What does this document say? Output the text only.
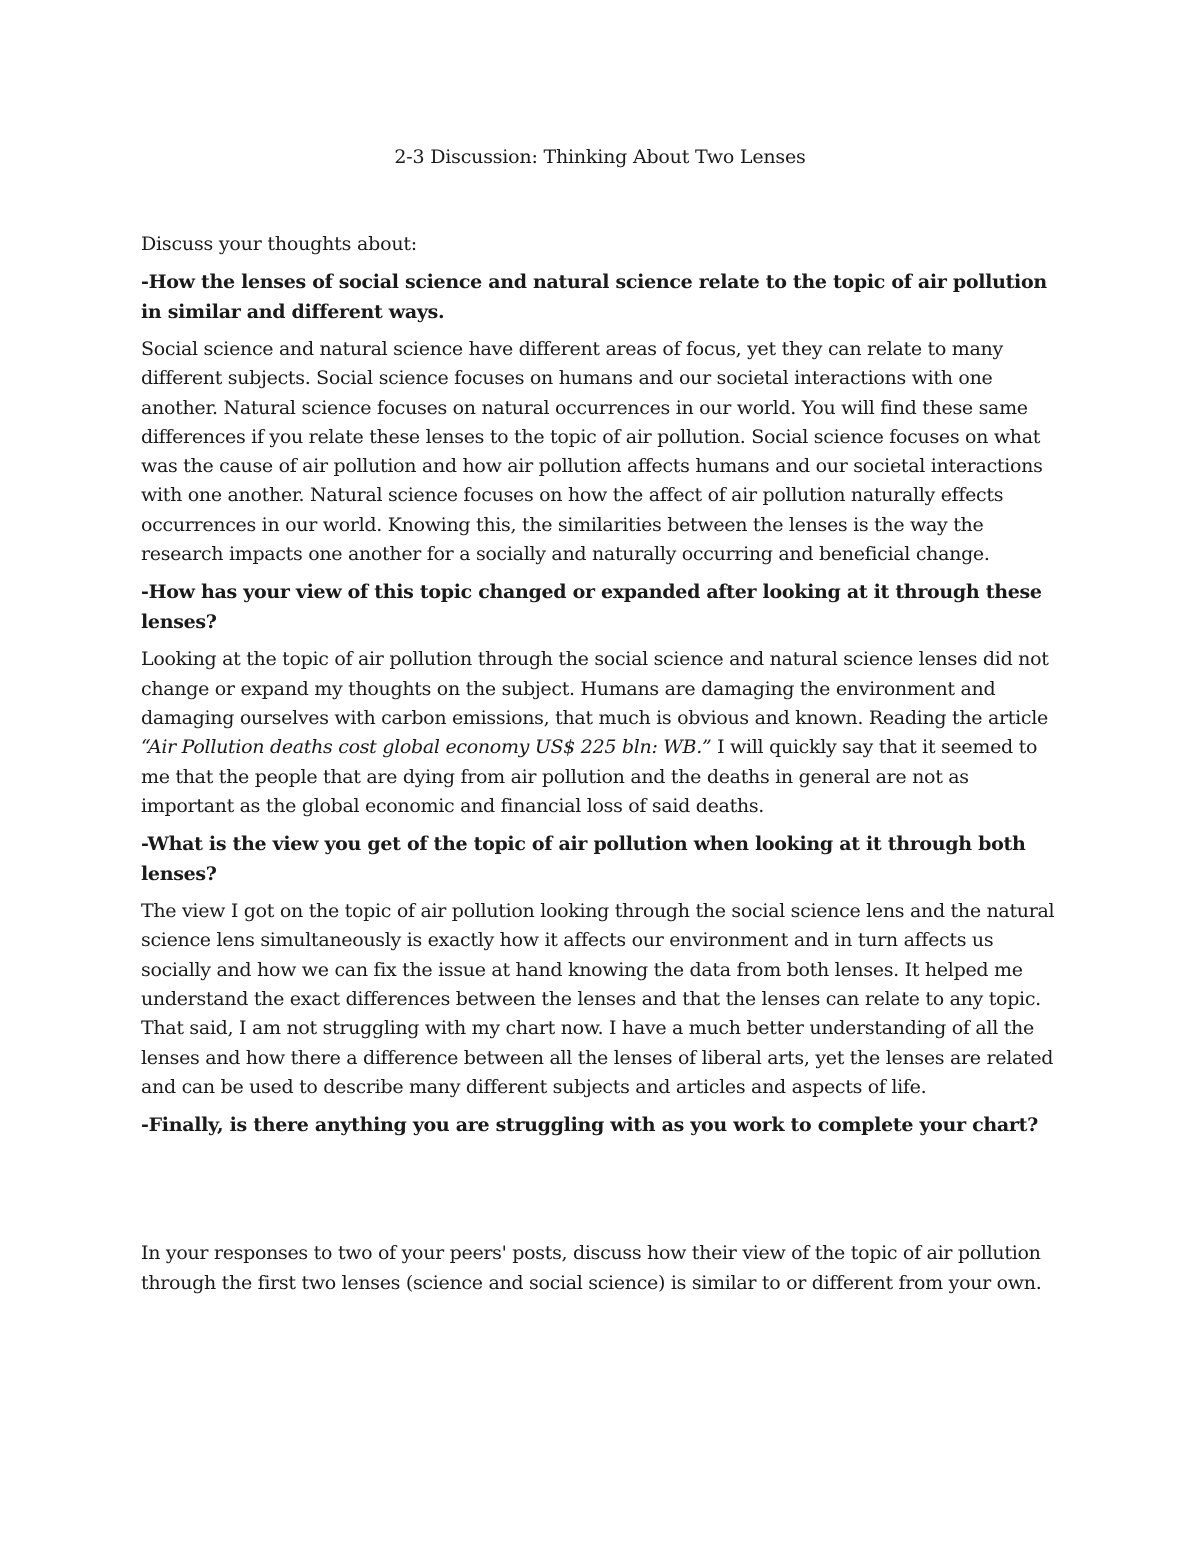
2-3 Discussion: Thinking About Two Lenses

Discuss your thoughts about:

-How the lenses of social science and natural science relate to the topic of air pollution in similar and different ways.

Social science and natural science have different areas of focus, yet they can relate to many different subjects. Social science focuses on humans and our societal interactions with one another. Natural science focuses on natural occurrences in our world. You will find these same differences if you relate these lenses to the topic of air pollution. Social science focuses on what was the cause of air pollution and how air pollution affects humans and our societal interactions with one another. Natural science focuses on how the affect of air pollution naturally effects occurrences in our world. Knowing this, the similarities between the lenses is the way the research impacts one another for a socially and naturally occurring and beneficial change.

-How has your view of this topic changed or expanded after looking at it through these lenses?

Looking at the topic of air pollution through the social science and natural science lenses did not change or expand my thoughts on the subject. Humans are damaging the environment and damaging ourselves with carbon emissions, that much is obvious and known. Reading the article “Air Pollution deaths cost global economy US$ 225 bln: WB.” I will quickly say that it seemed to me that the people that are dying from air pollution and the deaths in general are not as important as the global economic and financial loss of said deaths.

-What is the view you get of the topic of air pollution when looking at it through both lenses?

The view I got on the topic of air pollution looking through the social science lens and the natural science lens simultaneously is exactly how it affects our environment and in turn affects us socially and how we can fix the issue at hand knowing the data from both lenses. It helped me understand the exact differences between the lenses and that the lenses can relate to any topic. That said, I am not struggling with my chart now. I have a much better understanding of all the lenses and how there a difference between all the lenses of liberal arts, yet the lenses are related and can be used to describe many different subjects and articles and aspects of life.

-Finally, is there anything you are struggling with as you work to complete your chart?

In your responses to two of your peers' posts, discuss how their view of the topic of air pollution through the first two lenses (science and social science) is similar to or different from your own.
